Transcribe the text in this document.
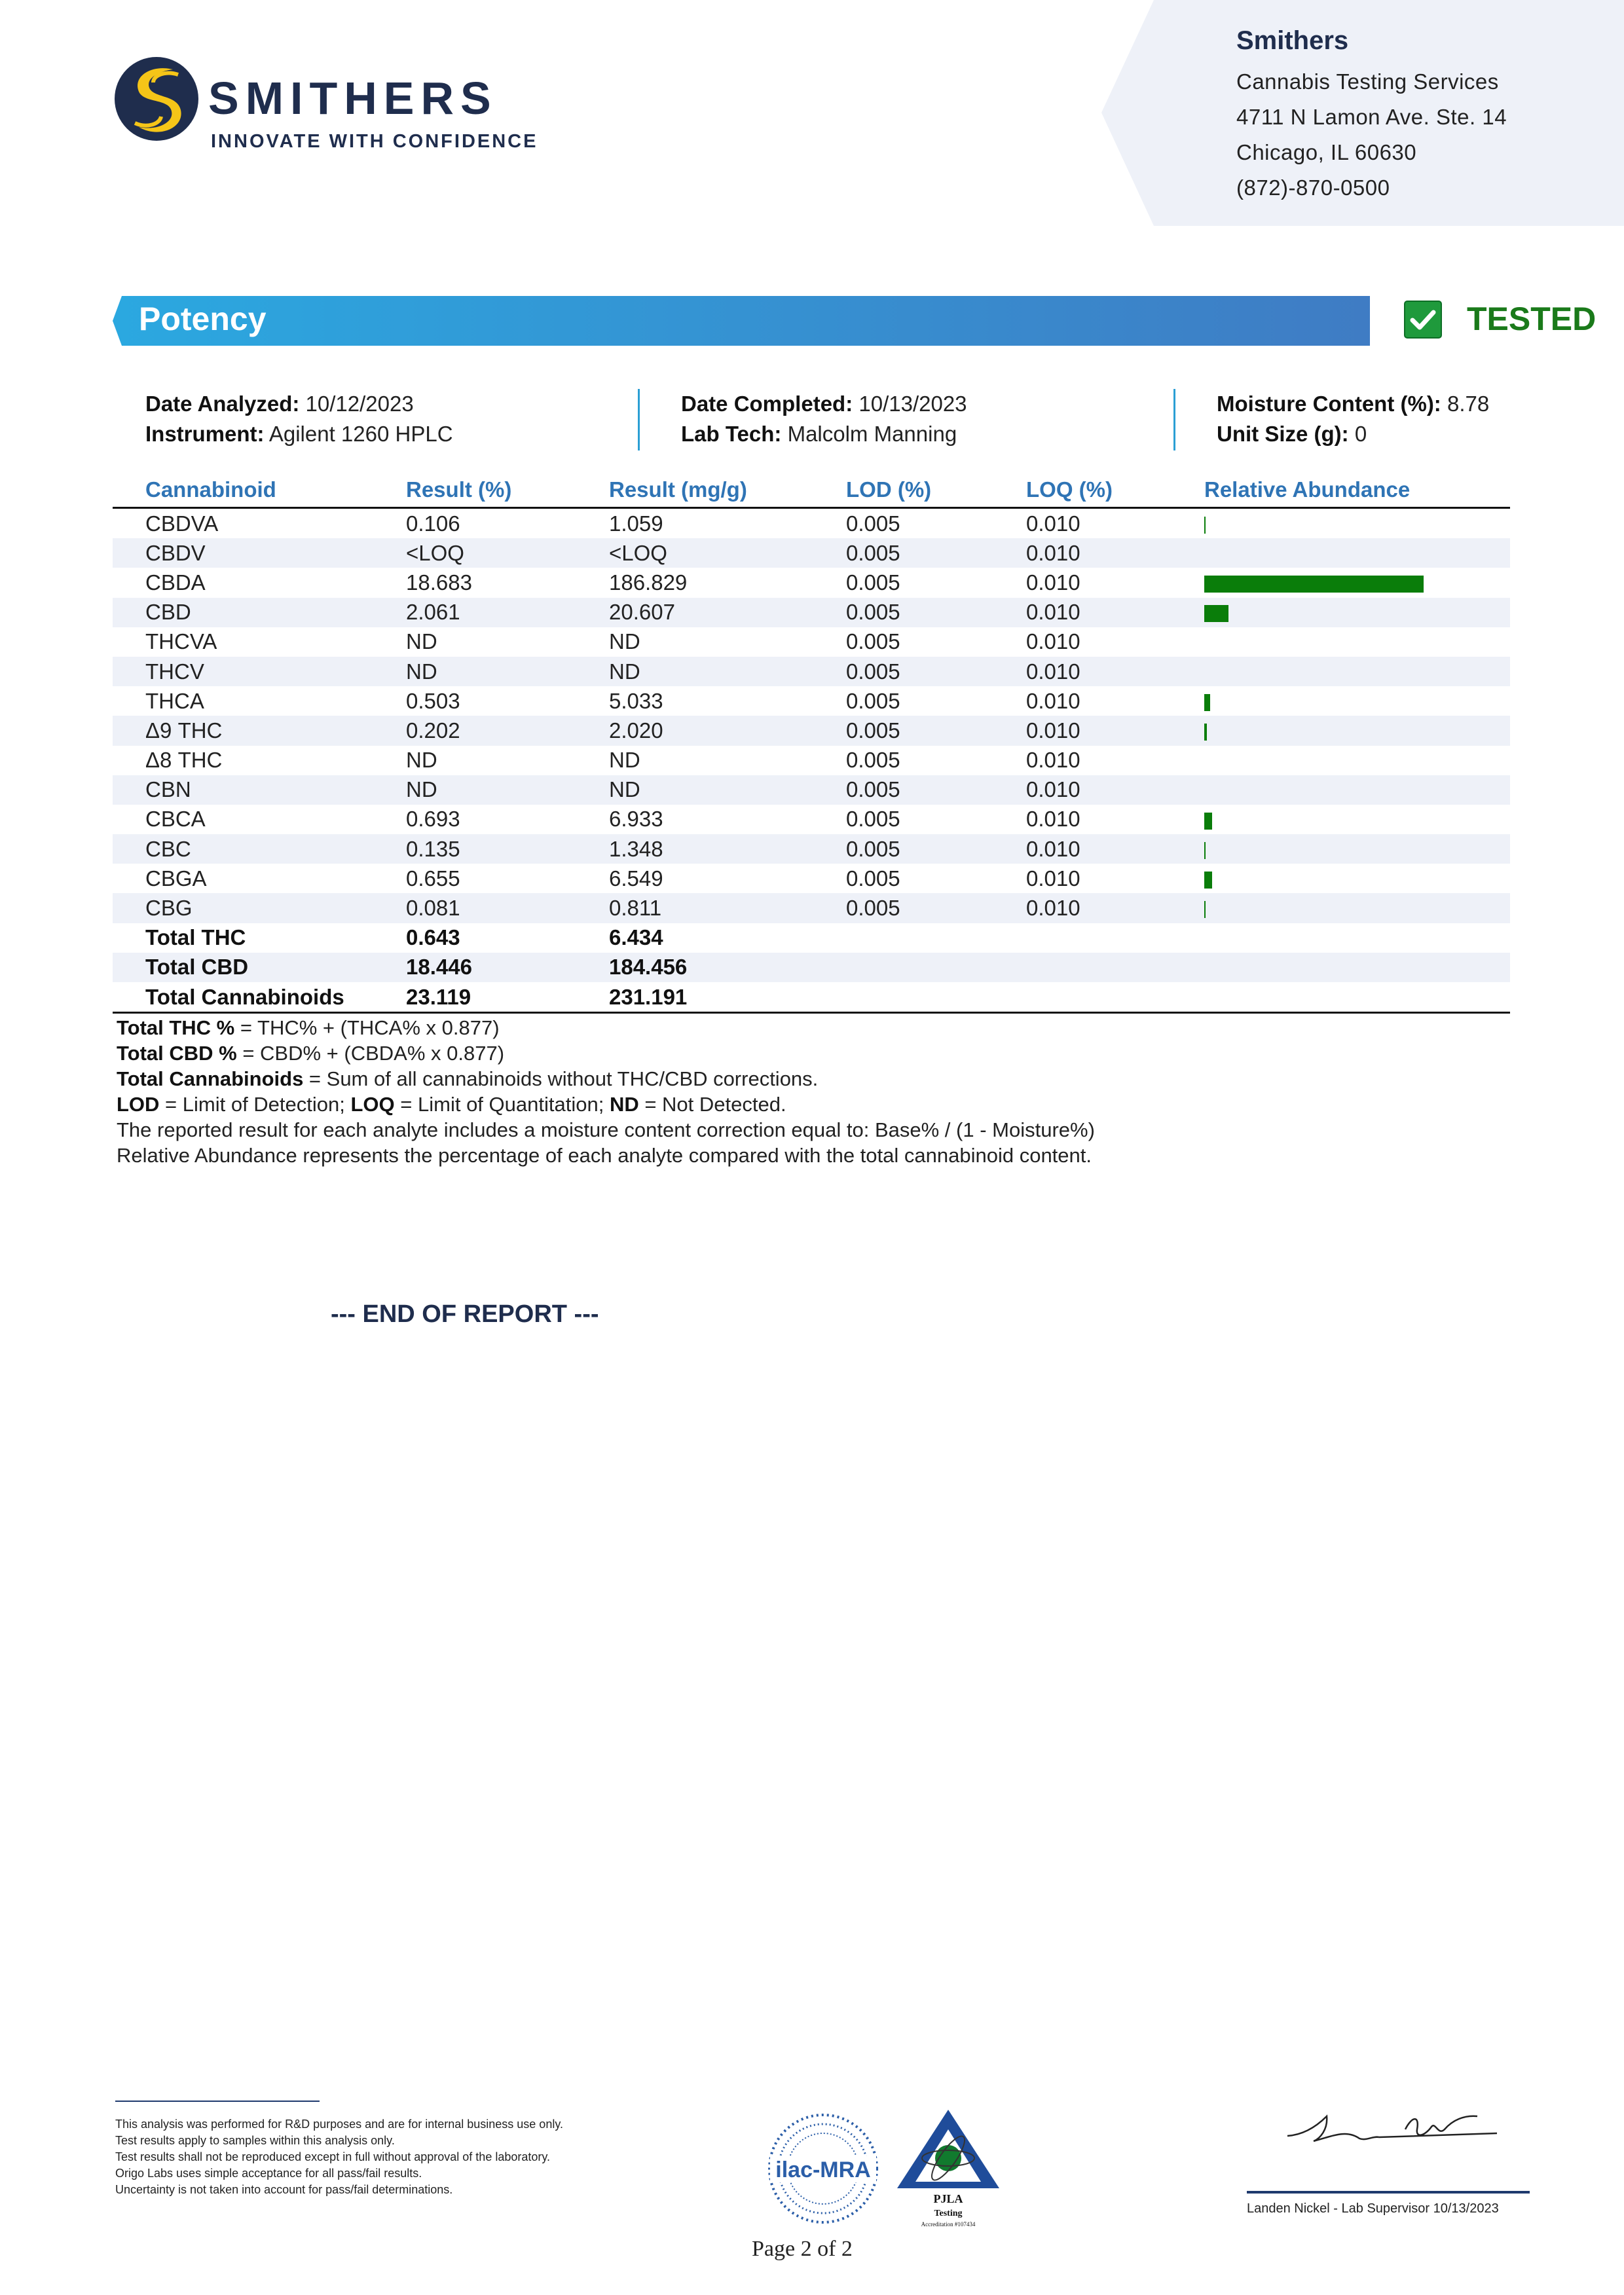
SMITHERS
INNOVATE WITH CONFIDENCE
Smithers
Cannabis Testing Services
4711 N Lamon Ave. Ste. 14
Chicago, IL 60630
(872)-870-0500
Potency	TESTED
Date Analyzed: 10/12/2023
Instrument: Agilent 1260 HPLC
Date Completed: 10/13/2023
Lab Tech: Malcolm Manning
Moisture Content (%): 8.78
Unit Size (g): 0
Cannabinoid	Result (%)	Result (mg/g)	LOD (%)	LOQ (%)	Relative Abundance
CBDVA	0.106	1.059	0.005	0.010	
CBDV	<LOQ	<LOQ	0.005	0.010	
CBDA	18.683	186.829	0.005	0.010	
CBD	2.061	20.607	0.005	0.010	
THCVA	ND	ND	0.005	0.010	
THCV	ND	ND	0.005	0.010	
THCA	0.503	5.033	0.005	0.010	
Δ9 THC	0.202	2.020	0.005	0.010	
Δ8 THC	ND	ND	0.005	0.010	
CBN	ND	ND	0.005	0.010	
CBCA	0.693	6.933	0.005	0.010	
CBC	0.135	1.348	0.005	0.010	
CBGA	0.655	6.549	0.005	0.010	
CBG	0.081	0.811	0.005	0.010	
Total THC	0.643	6.434			
Total CBD	18.446	184.456			
Total Cannabinoids	23.119	231.191			
Total THC % = THC% + (THCA% x 0.877)
Total CBD % = CBD% + (CBDA% x 0.877)
Total Cannabinoids = Sum of all cannabinoids without THC/CBD corrections.
LOD = Limit of Detection; LOQ = Limit of Quantitation; ND = Not Detected.
The reported result for each analyte includes a moisture content correction equal to: Base% / (1 - Moisture%)
Relative Abundance represents the percentage of each analyte compared with the total cannabinoid content.
--- END OF REPORT ---
This analysis was performed for R&D purposes and are for internal business use only.
Test results apply to samples within this analysis only.
Test results shall not be reproduced except in full without approval of the laboratory.
Origo Labs uses simple acceptance for all pass/fail results.
Uncertainty is not taken into account for pass/fail determinations.
ilac-MRA
PJLA
Testing
Accreditation #107434
Landen Nickel - Lab Supervisor 10/13/2023
Page 2 of 2
